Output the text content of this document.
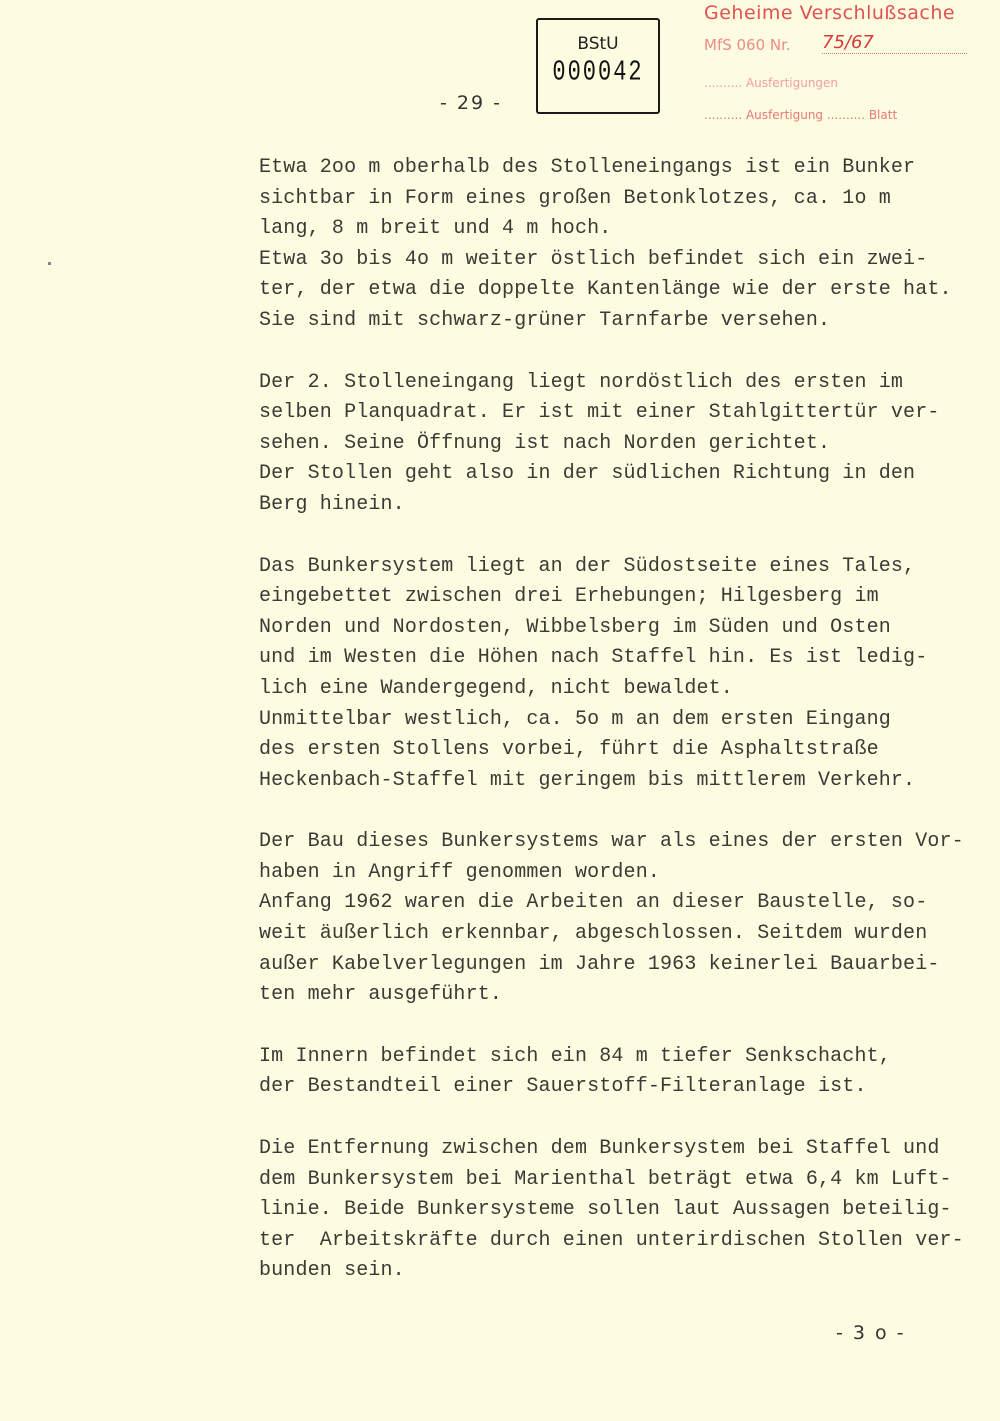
- 29 -
BStU
000042
Geheime Verschlußsache
MfS 060 Nr. 75/67
.......... Ausfertigungen
.......... Ausfertigung .......... Blatt
Etwa 2oo m oberhalb des Stolleneingangs ist ein Bunker
sichtbar in Form eines großen Betonklotzes, ca. 1o m
lang, 8 m breit und 4 m hoch.
Etwa 3o bis 4o m weiter östlich befindet sich ein zwei-
ter, der etwa die doppelte Kantenlänge wie der erste hat.
Sie sind mit schwarz-grüner Tarnfarbe versehen.
Der 2. Stolleneingang liegt nordöstlich des ersten im
selben Planquadrat. Er ist mit einer Stahlgittertür ver-
sehen. Seine Öffnung ist nach Norden gerichtet.
Der Stollen geht also in der südlichen Richtung in den
Berg hinein.
Das Bunkersystem liegt an der Südostseite eines Tales,
eingebettet zwischen drei Erhebungen; Hilgesberg im
Norden und Nordosten, Wibbelsberg im Süden und Osten
und im Westen die Höhen nach Staffel hin. Es ist ledig-
lich eine Wandergegend, nicht bewaldet.
Unmittelbar westlich, ca. 5o m an dem ersten Eingang
des ersten Stollens vorbei, führt die Asphaltstraße
Heckenbach-Staffel mit geringem bis mittlerem Verkehr.
Der Bau dieses Bunkersystems war als eines der ersten Vor-
haben in Angriff genommen worden.
Anfang 1962 waren die Arbeiten an dieser Baustelle, so-
weit äußerlich erkennbar, abgeschlossen. Seitdem wurden
außer Kabelverlegungen im Jahre 1963 keinerlei Bauarbei-
ten mehr ausgeführt.
Im Innern befindet sich ein 84 m tiefer Senkschacht,
der Bestandteil einer Sauerstoff-Filteranlage ist.
Die Entfernung zwischen dem Bunkersystem bei Staffel und
dem Bunkersystem bei Marienthal beträgt etwa 6,4 km Luft-
linie. Beide Bunkersysteme sollen laut Aussagen beteilig-
ter  Arbeitskräfte durch einen unterirdischen Stollen ver-
bunden sein.
- 3 o -
